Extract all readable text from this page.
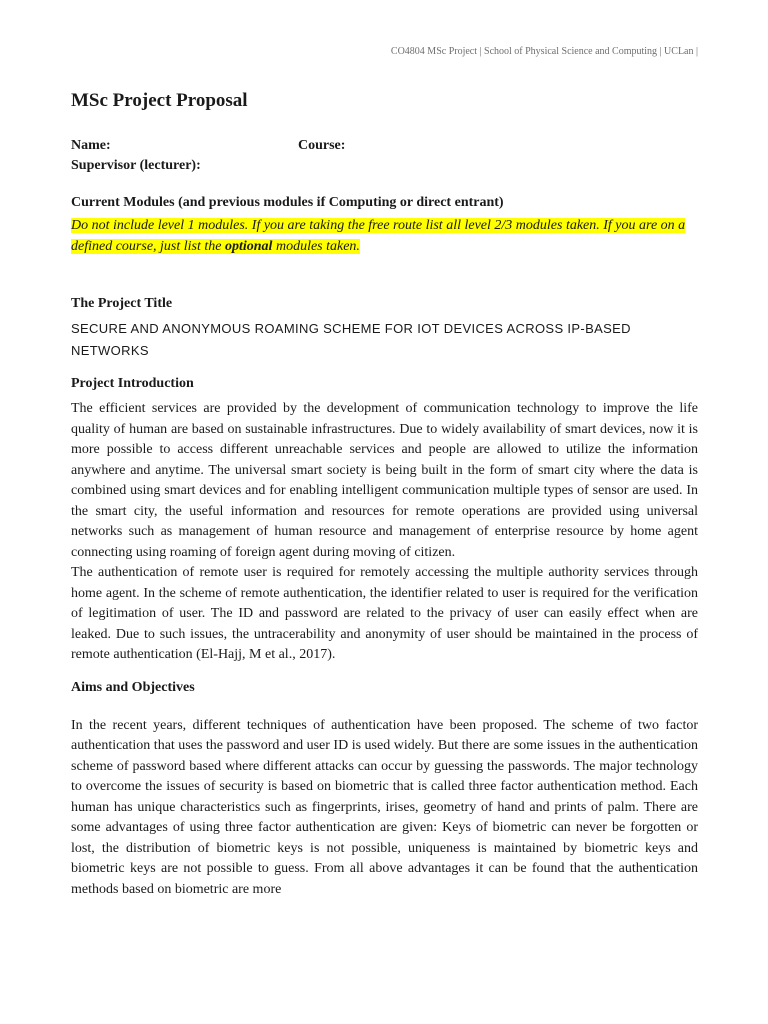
CO4804 MSc Project | School of Physical Science and Computing | UCLan |
MSc Project Proposal
Name:	Course:
Supervisor (lecturer):
Current Modules (and previous modules if Computing or direct entrant)
Do not include level 1 modules. If you are taking the free route list all level 2/3 modules taken. If you are on a defined course, just list the optional modules taken.
The Project Title
SECURE AND ANONYMOUS ROAMING SCHEME FOR IOT DEVICES ACROSS IP-BASED NETWORKS
Project Introduction

The efficient services are provided by the development of communication technology to improve the life quality of human are based on sustainable infrastructures. Due to widely availability of smart devices, now it is more possible to access different unreachable services and people are allowed to utilize the information anywhere and anytime. The universal smart society is being built in the form of smart city where the data is combined using smart devices and for enabling intelligent communication multiple types of sensor are used. In the smart city, the useful information and resources for remote operations are provided using universal networks such as management of human resource and management of enterprise resource by home agent connecting using roaming of foreign agent during moving of citizen.

The authentication of remote user is required for remotely accessing the multiple authority services through home agent. In the scheme of remote authentication, the identifier related to user is required for the verification of legitimation of user. The ID and password are related to the privacy of user can easily effect when are leaked. Due to such issues, the untracerability and anonymity of user should be maintained in the process of remote authentication (El-Hajj, M et al., 2017).

Aims and Objectives

In the recent years, different techniques of authentication have been proposed. The scheme of two factor authentication that uses the password and user ID is used widely. But there are some issues in the authentication scheme of password based where different attacks can occur by guessing the passwords. The major technology to overcome the issues of security is based on biometric that is called three factor authentication method. Each human has unique characteristics such as fingerprints, irises, geometry of hand and prints of palm. There are some advantages of using three factor authentication are given: Keys of biometric can never be forgotten or lost, the distribution of biometric keys is not possible, uniqueness is maintained by biometric keys and biometric keys are not possible to guess. From all above advantages it can be found that the authentication methods based on biometric are more
